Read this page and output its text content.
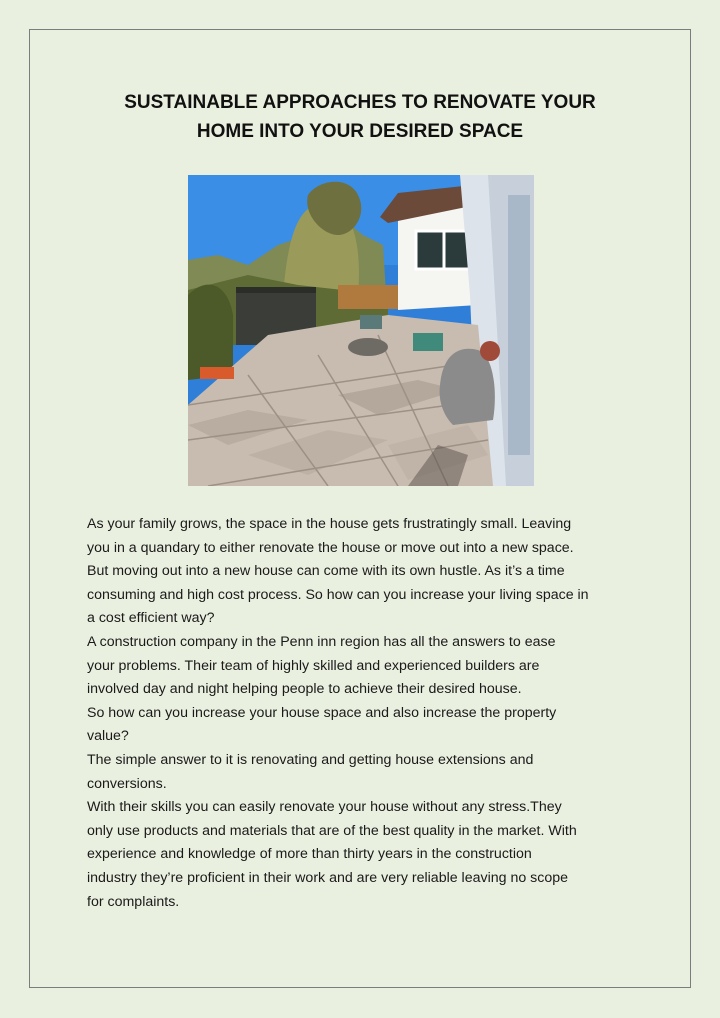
SUSTAINABLE APPROACHES TO RENOVATE YOUR
HOME INTO YOUR DESIRED SPACE
As your family grows, the space in the house gets frustratingly small. Leaving
you in a quandary to either renovate the house or move out into a new space.
But moving out into a new house can come with its own hustle. As it’s a time
consuming and high cost process. So how can you increase your living space in
a cost efficient way?
A construction company in the Penn inn region has all the answers to ease
your problems. Their team of highly skilled and experienced builders are
involved day and night helping people to achieve their desired house.
So how can you increase your house space and also increase the property
value?
The simple answer to it is renovating and getting house extensions and
conversions.
With their skills you can easily renovate your house without any stress.They
only use products and materials that are of the best quality in the market. With
experience and knowledge of more than thirty years in the construction
industry they’re proficient in their work and are very reliable leaving no scope
for complaints.
